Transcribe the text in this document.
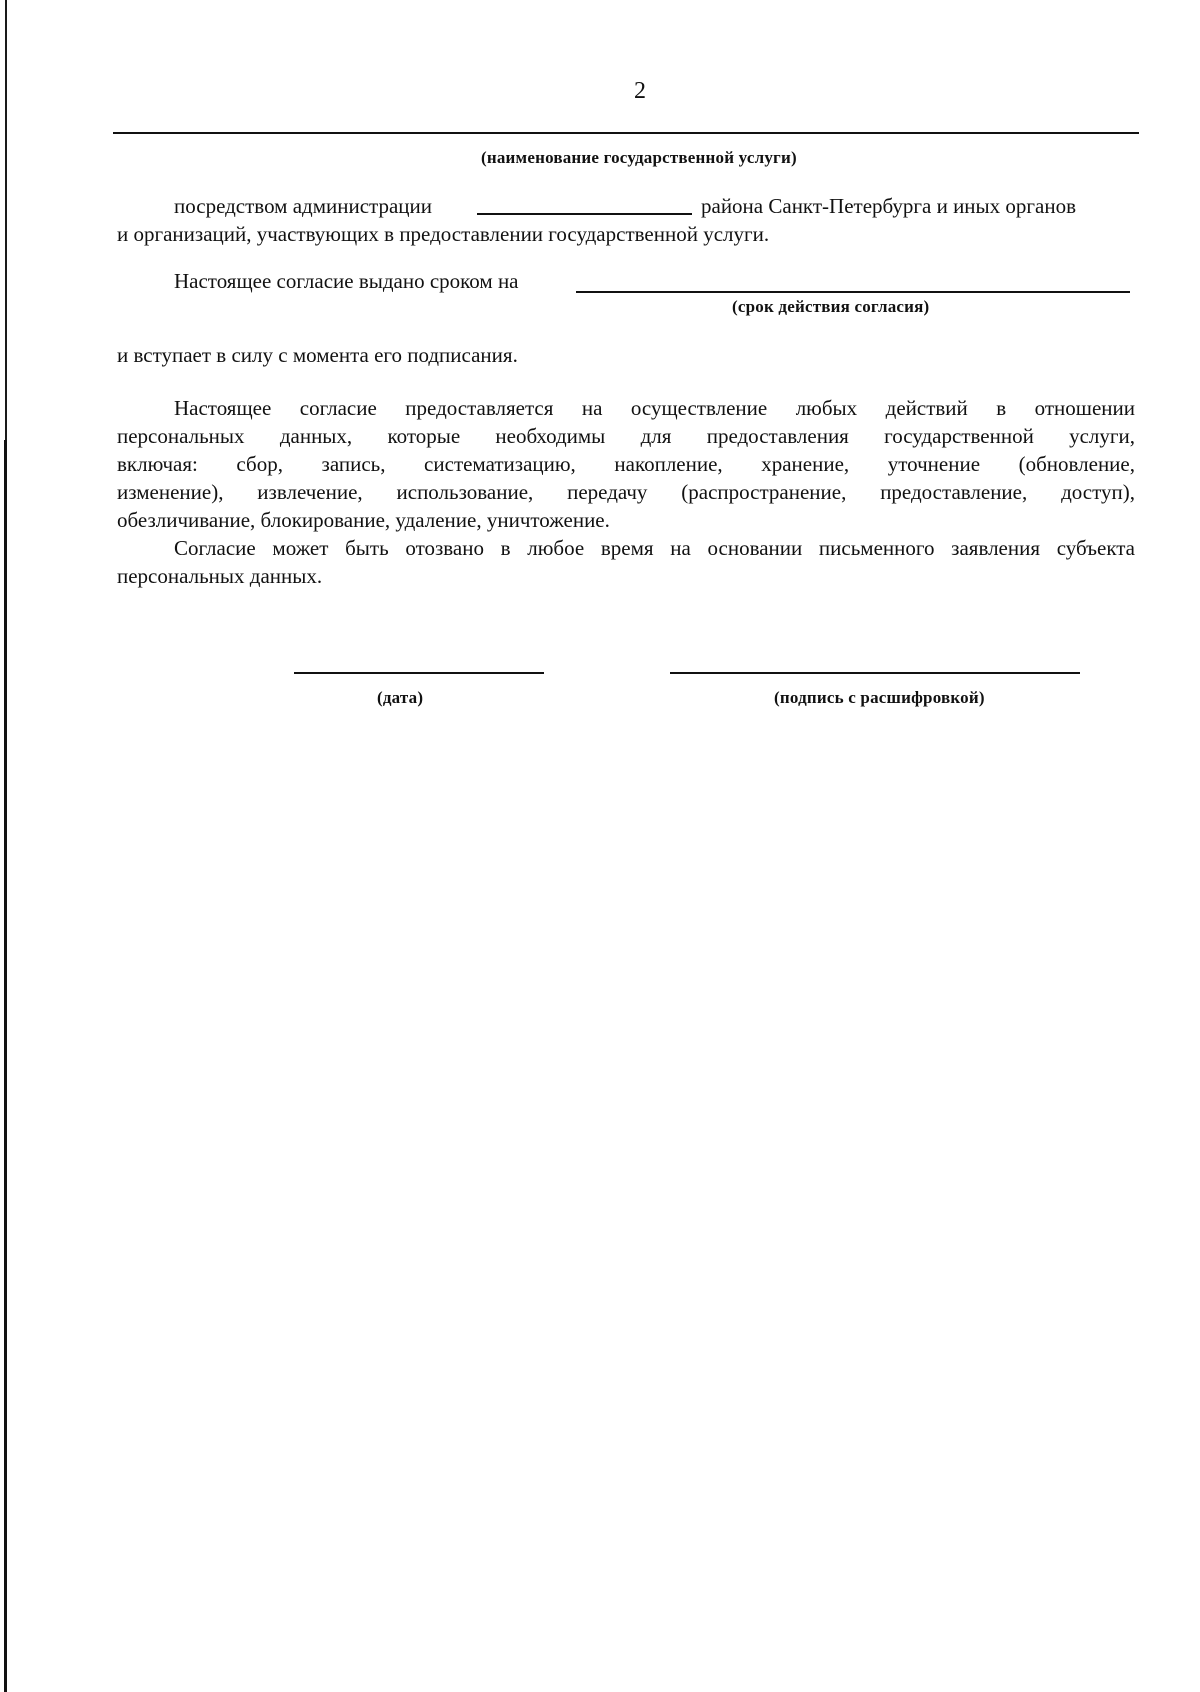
2
(наименование государственной услуги)
посредством администрации	района Санкт-Петербурга и иных органов
и организаций, участвующих в предоставлении государственной услуги.
Настоящее согласие выдано сроком на
(срок действия согласия)
и вступает в силу с момента его подписания.
Настоящее согласие предоставляется на осуществление любых действий в отношении
персональных данных, которые необходимы для предоставления государственной услуги,
включая: сбор, запись, систематизацию, накопление, хранение, уточнение (обновление,
изменение), извлечение, использование, передачу (распространение, предоставление, доступ),
обезличивание, блокирование, удаление, уничтожение.
Согласие может быть отозвано в любое время на основании письменного заявления субъекта
персональных данных.
(дата)	(подпись с расшифровкой)
